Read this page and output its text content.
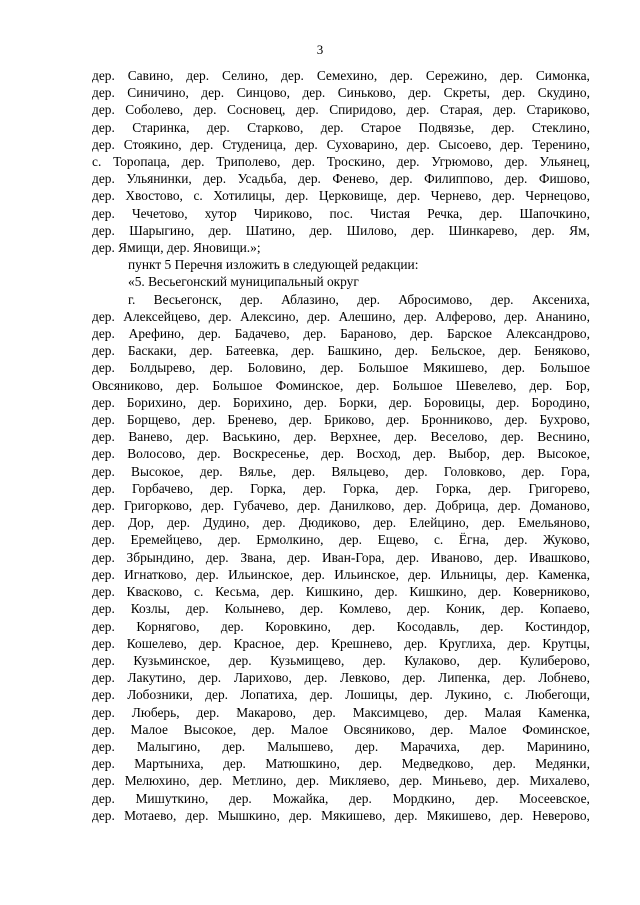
3

дер. Савино, дер. Селино, дер. Семехино, дер. Сережино, дер. Симонка,

дер. Синичино, дер. Синцово, дер. Синьково, дер. Скреты, дер. Скудино,

дер. Соболево, дер. Сосновец, дер. Спиридово, дер. Старая, дер. Стариково,

дер. Старинка, дер. Старково, дер. Старое Подвязье, дер. Стеклино,

дер. Стоякино, дер. Студеница, дер. Суховарино, дер. Сысоево, дер. Теренино,

с. Торопаца, дер. Триполево, дер. Троскино, дер. Угрюмово, дер. Ульянец,

дер. Ульянинки, дер. Усадьба, дер. Фенево, дер. Филиппово, дер. Фишово,

дер. Хвостово, с. Хотилицы, дер. Церковище, дер. Чернево, дер. Чернецово,

дер. Чечетово, хутор Чириково, пос. Чистая Речка, дер. Шапочкино,

дер. Шарыгино, дер. Шатино, дер. Шилово, дер. Шинкарево, дер. Ям,

дер. Ямищи, дер. Яновищи.»;

пункт 5 Перечня изложить в следующей редакции:

«5. Весьегонский муниципальный округ

г. Весьегонск, дер. Аблазино, дер. Абросимово, дер. Аксениха,

дер. Алексейцево, дер. Алексино, дер. Алешино, дер. Алферово, дер. Ананино,

дер. Арефино, дер. Бадачево, дер. Бараново, дер. Барское Александрово,

дер. Баскаки, дер. Батеевка, дер. Башкино, дер. Бельское, дер. Беняково,

дер. Болдырево, дер. Боловино, дер. Большое Мякишево, дер. Большое

Овсяниково, дер. Большое Фоминское, дер. Большое Шевелево, дер. Бор,

дер. Борихино, дер. Борихино, дер. Борки, дер. Боровицы, дер. Бородино,

дер. Борщево, дер. Бренево, дер. Бриково, дер. Бронниково, дер. Бухрово,

дер. Ванево, дер. Васькино, дер. Верхнее, дер. Веселово, дер. Веснино,

дер. Волосово, дер. Воскресенье, дер. Восход, дер. Выбор, дер. Высокое,

дер. Высокое, дер. Вялье, дер. Вяльцево, дер. Головково, дер. Гора,

дер. Горбачево, дер. Горка, дер. Горка, дер. Горка, дер. Григорево,

дер. Григорково, дер. Губачево, дер. Данилково, дер. Добрица, дер. Доманово,

дер. Дор, дер. Дудино, дер. Дюдиково, дер. Елейцино, дер. Емельяново,

дер. Еремейцево, дер. Ермолкино, дер. Ещево, с. Ёгна, дер. Жуково,

дер. Збрындино, дер. Звана, дер. Иван-Гора, дер. Иваново, дер. Ивашково,

дер. Игнатково, дер. Ильинское, дер. Ильинское, дер. Ильницы, дер. Каменка,

дер. Квасково, с. Кесьма, дер. Кишкино, дер. Кишкино, дер. Коверниково,

дер. Козлы, дер. Колынево, дер. Комлево, дер. Коник, дер. Копаево,

дер. Корнягово, дер. Коровкино, дер. Косодавль, дер. Костиндор,

дер. Кошелево, дер. Красное, дер. Крешнево, дер. Круглиха, дер. Крутцы,

дер. Кузьминское, дер. Кузьмищево, дер. Кулаково, дер. Кулиберово,

дер. Лакутино, дер. Ларихово, дер. Левково, дер. Липенка, дер. Лобнево,

дер. Лобозники, дер. Лопатиха, дер. Лошицы, дер. Лукино, с. Любегощи,

дер. Люберь, дер. Макарово, дер. Максимцево, дер. Малая Каменка,

дер. Малое Высокое, дер. Малое Овсяниково, дер. Малое Фоминское,

дер. Малыгино, дер. Малышево, дер. Марачиха, дер. Маринино,

дер. Мартыниха, дер. Матюшкино, дер. Медведково, дер. Медянки,

дер. Мелюхино, дер. Метлино, дер. Микляево, дер. Миньево, дер. Михалево,

дер. Мишуткино, дер. Можайка, дер. Мордкино, дер. Мосеевское,

дер. Мотаево, дер. Мышкино, дер. Мякишево, дер. Мякишево, дер. Неверово,
